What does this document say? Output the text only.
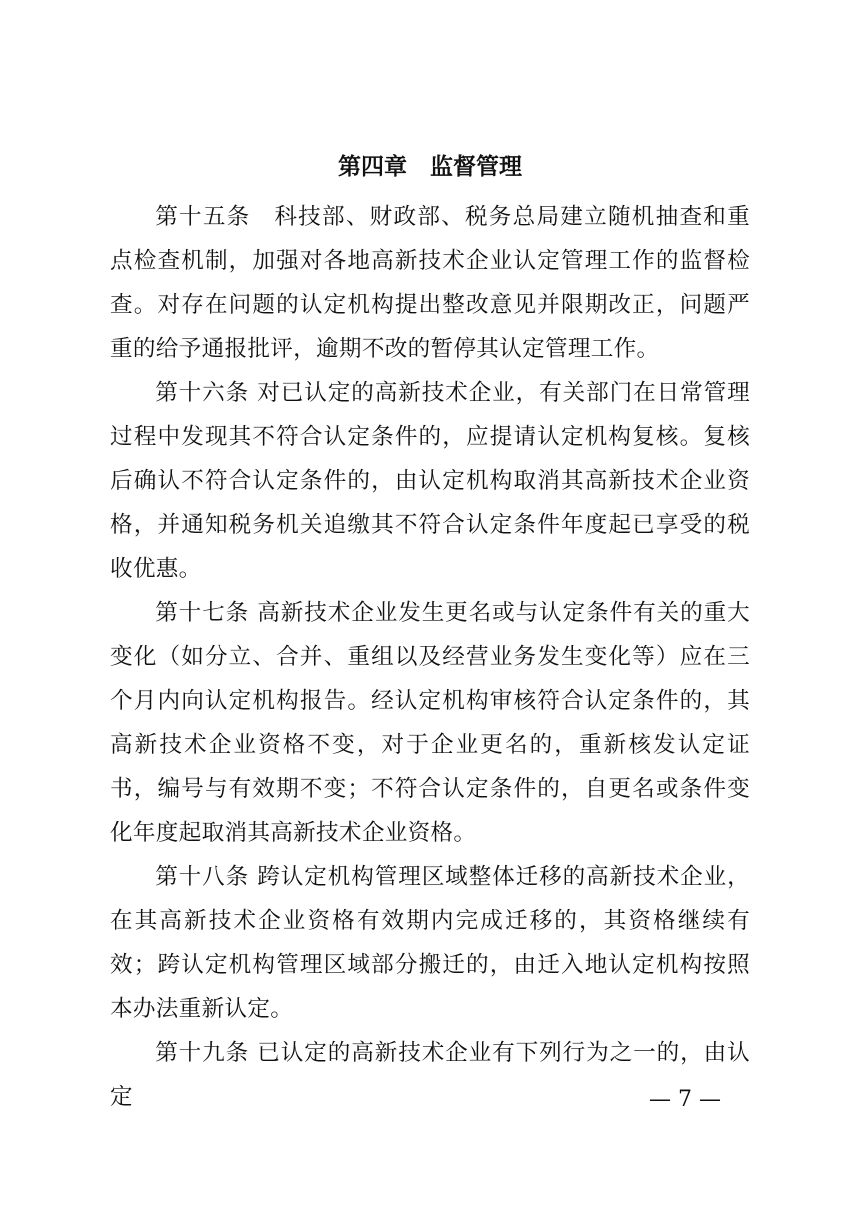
第四章　监督管理

第十五条　科技部、财政部、税务总局建立随机抽查和重点检查机制，加强对各地高新技术企业认定管理工作的监督检查。对存在问题的认定机构提出整改意见并限期改正，问题严重的给予通报批评，逾期不改的暂停其认定管理工作。

第十六条 对已认定的高新技术企业，有关部门在日常管理过程中发现其不符合认定条件的，应提请认定机构复核。复核后确认不符合认定条件的，由认定机构取消其高新技术企业资格，并通知税务机关追缴其不符合认定条件年度起已享受的税收优惠。

第十七条 高新技术企业发生更名或与认定条件有关的重大变化（如分立、合并、重组以及经营业务发生变化等）应在三个月内向认定机构报告。经认定机构审核符合认定条件的，其高新技术企业资格不变，对于企业更名的，重新核发认定证书，编号与有效期不变；不符合认定条件的，自更名或条件变化年度起取消其高新技术企业资格。

第十八条 跨认定机构管理区域整体迁移的高新技术企业，在其高新技术企业资格有效期内完成迁移的，其资格继续有效；跨认定机构管理区域部分搬迁的，由迁入地认定机构按照本办法重新认定。

第十九条 已认定的高新技术企业有下列行为之一的，由认定	— 7 —
